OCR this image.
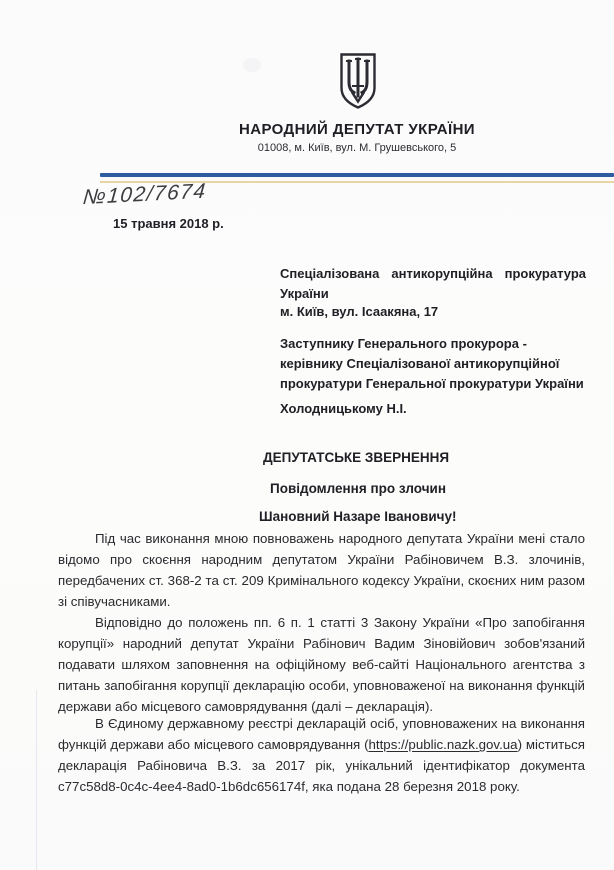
НАРОДНИЙ ДЕПУТАТ УКРАЇНИ
01008, м. Київ, вул. М. Грушевського, 5
№102/7674
15 травня 2018 р.
Спеціалізована антикорупційна прокуратура України
м. Київ, вул. Ісаакяна, 17
Заступнику Генерального прокурора - керівнику Спеціалізованої антикорупційної прокуратури Генеральної прокуратури України
Холодницькому Н.І.
ДЕПУТАТСЬКЕ ЗВЕРНЕННЯ
Повідомлення про злочин
Шановний Назаре Івановичу!

Під час виконання мною повноважень народного депутата України мені стало відомо про скоєння народним депутатом України Рабіновичем В.З. злочинів, передбачених ст. 368-2 та ст. 209 Кримінального кодексу України, скоєних ним разом зі співучасниками.

Відповідно до положень пп. 6 п. 1 статті 3 Закону України «Про запобігання корупції» народний депутат України Рабінович Вадим Зіновійович зобов'язаний подавати шляхом заповнення на офіційному веб-сайті Національного агентства з питань запобігання корупції декларацію особи, уповноваженої на виконання функцій держави або місцевого самоврядування (далі – декларація).

В Єдиному державному реєстрі декларацій осіб, уповноважених на виконання функцій держави або місцевого самоврядування (https://public.nazk.gov.ua) міститься декларація Рабіновича В.З. за 2017 рік, унікальний ідентифікатор документа c77c58d8-0c4c-4ee4-8ad0-1b6dc656174f, яка подана 28 березня 2018 року.
